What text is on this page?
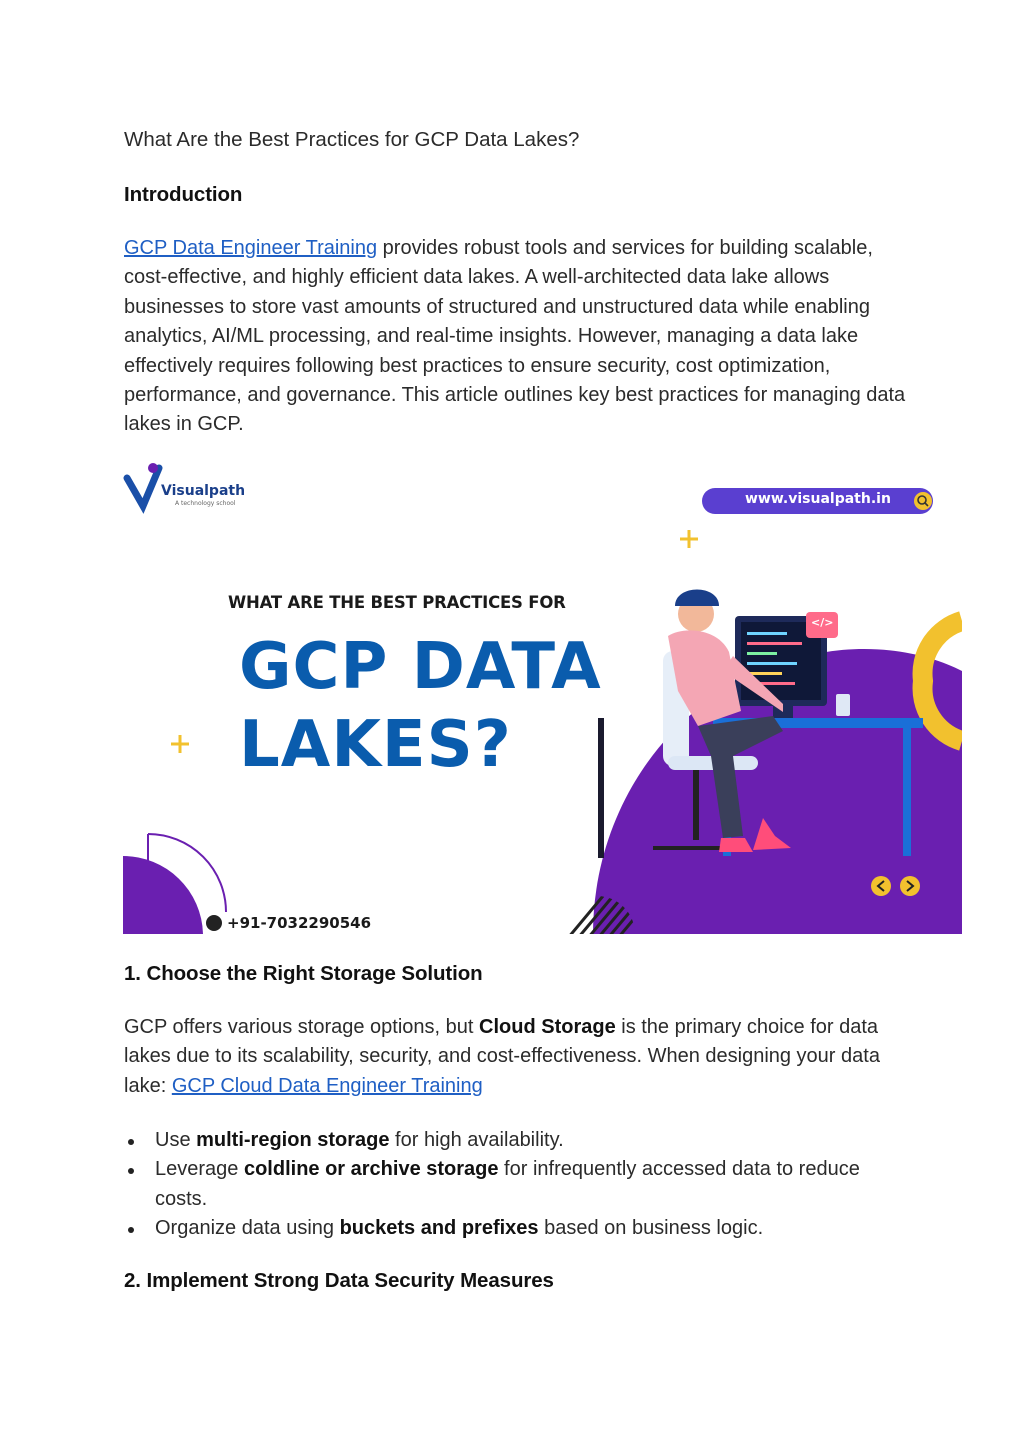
What Are the Best Practices for GCP Data Lakes?
Introduction
GCP Data Engineer Training provides robust tools and services for building scalable, cost-effective, and highly efficient data lakes. A well-architected data lake allows businesses to store vast amounts of structured and unstructured data while enabling analytics, AI/ML processing, and real-time insights. However, managing a data lake effectively requires following best practices to ensure security, cost optimization, performance, and governance. This article outlines key best practices for managing data lakes in GCP.
Visualpath
A technology school	www.visualpath.in
WHAT ARE THE BEST PRACTICES FOR
GCP DATA
LAKES?
</>
+91-7032290546
1. Choose the Right Storage Solution
GCP offers various storage options, but Cloud Storage is the primary choice for data lakes due to its scalability, security, and cost-effectiveness. When designing your data lake: GCP Cloud Data Engineer Training
Use multi-region storage for high availability.
Leverage coldline or archive storage for infrequently accessed data to reduce costs.
Organize data using buckets and prefixes based on business logic.
2. Implement Strong Data Security Measures
